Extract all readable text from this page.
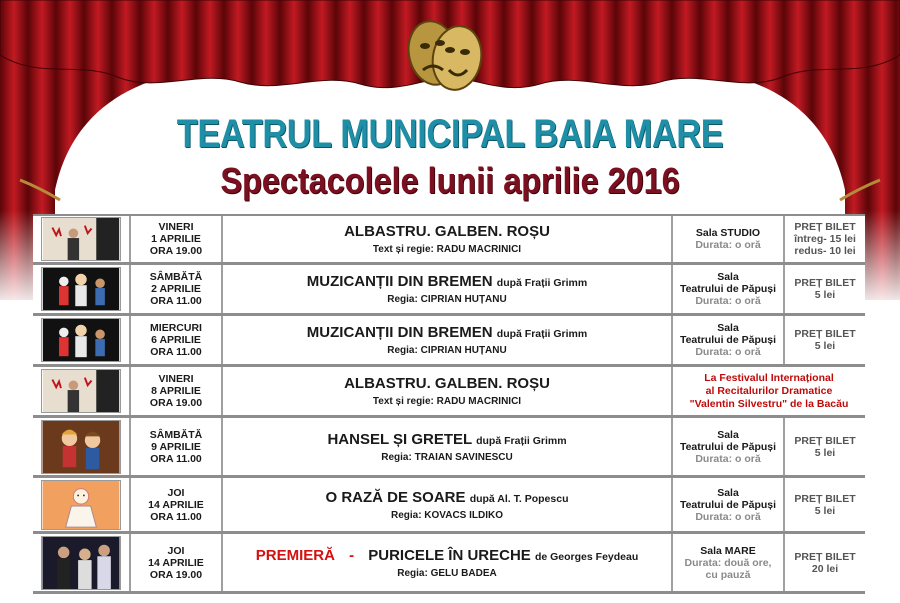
TEATRUL MUNICIPAL BAIA MARE
Spectacolele lunii aprilie 2016
VINERI
1 APRILIE
ORA 19.00
ALBASTRU. GALBEN. ROȘU
Text și regie: RADU MACRINICI
Sala STUDIO
Durata: o oră
PREȚ BILET
întreg- 15 lei
redus- 10 lei
SÂMBĂTĂ
2 APRILIE
ORA 11.00
MUZICANȚII DIN BREMEN după Frații Grimm
Regia: CIPRIAN HUȚANU
Sala
Teatrului de Păpuși
Durata: o oră
PREȚ BILET
5 lei
MIERCURI
6 APRILIE
ORA 11.00
MUZICANȚII DIN BREMEN după Frații Grimm
Regia: CIPRIAN HUȚANU
Sala
Teatrului de Păpuși
Durata: o oră
PREȚ BILET
5 lei
VINERI
8 APRILIE
ORA 19.00
ALBASTRU. GALBEN. ROȘU
Text și regie: RADU MACRINICI
La Festivalul Internațional
al Recitalurilor Dramatice
"Valentin Silvestru" de la Bacău
SÂMBĂTĂ
9 APRILIE
ORA 11.00
HANSEL ȘI GRETEL după Frații Grimm
Regia: TRAIAN SAVINESCU
Sala
Teatrului de Păpuși
Durata: o oră
PREȚ BILET
5 lei
JOI
14 APRILIE
ORA 11.00
O RAZĂ DE SOARE după Al. T. Popescu
Regia: KOVACS ILDIKO
Sala
Teatrului de Păpuși
Durata: o oră
PREȚ BILET
5 lei
JOI
14 APRILIE
ORA 19.00
PREMIERĂ - PURICELE ÎN URECHE de Georges Feydeau
Regia: GELU BADEA
Sala MARE
Durata: două ore,
cu pauză
PREȚ BILET
20 lei
